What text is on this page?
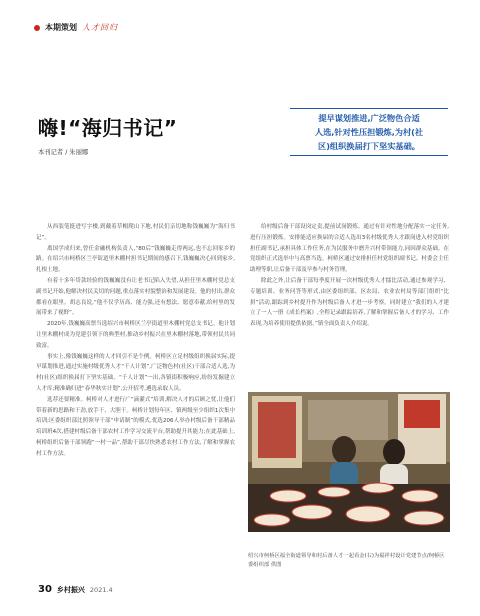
本期策划 人才回归
嗨!“海归书记”
本刊记者 / 朱丽娜
提早谋划推进,广泛物色合适
人选,针对性压担锻炼,为村(社
区)组织换届打下坚实基础。

从西装笔挺进写字楼,到戴着草帽爬山下地,村民们亲切地称钱巍巍为“海归书记”。

离国学成归来,曾任金融机构负责人,“80后”钱巍巍走得两远,也不忘回家乡的路。在绍兴市柯桥区兰亭街道里木棚村担书记期间的感召下,钱巍巍决心回到家乡,扎根土地。

有着十多年贷款经验的钱巍巍没有让老书记陷入失望,从担任里木棚村党总支副书记开始,他解决村民关切的问题,重点落实村貌整治和发展建设。他的付出,群众都看在眼里。胡志良说,“他不仅学历高、能力强,还有想法、愿意奉献,给村里的发展带来了视野”。

2020年,钱巍巍高票当选绍兴市柯桥区兰亭街道里木棚村党总支书记。他计划让里木棚村成为党建引领下的典型村,推动乡村振兴在里木棚村落地,带领村民共同致富。

事实上,像钱巍巍这样的人才回引不是个例。柯桥区立足村级组织换届实际,提早谋划推进,通过实施村级优秀人才“千人计划”,广泛物色村(社区)干部合适人选,为村(社区)组织换届打下坚实基础。“千人计划”一出,各镇街积极响应,纷纷发掘建立人才库;精准确归进“春华秋实计划”,公开招考,遴选录取人员。

选荐还要精准。柯桥对人才进行广“滴灌式”培训,解决人才的后顾之忧,让他们带着新的思路和干劲,放手干、大胆干。柯桥计划每年区、镇两级至少组织1次集中培训;区委组织部比照领导干部“申请制”的模式,优选206人举办村级后备干部精品培训班4次,搭建村级后备干部农村工作学习交流平台,帮助提升其能力;在此基础上,柯桥组织后备干部领跑“一村一品”,帮助干部尽快熟悉农村工作方法,了解和掌握农村工作方法。

给村级后备干部设岗定责,提前试岗锻炼。通过有针对性地分配落实一定任务,进行压担锻炼。安排能适应换届的合适人选出3名村级优秀人才跟岗进入村党组织担任副书记,承担具体工作任务,在为民服务中磨升兴村带领能力,同因群众基础。在党组织正式选举中与高票当选。柯桥区通过安排担任村党组织副书记、村委会主任助理等职,让后备干部及早参与村务管理。

除此之外,让后备干部每季度开展一次村级优秀人才擂比活动,通过参观学习、专题培训、业务问答等形式,由区委组织部、区农局、农业农村局等部门组织“比拼”活动,跟踪到乡村提升作为村级后备人才进一步考察。同时建立“我们的人才建立了一人一册《成长档案》,全程记录跟踪培养,了解和掌握后备人才的学习、工作表现,为培养使用提供依据。”镇全面负责人介绍说。

绍兴市柯桥区福全街道领导和村后备人才一起看金(右)为福祥村设计党建节点/柯桥区委组织部 供图
30 乡村振兴 2021.4
